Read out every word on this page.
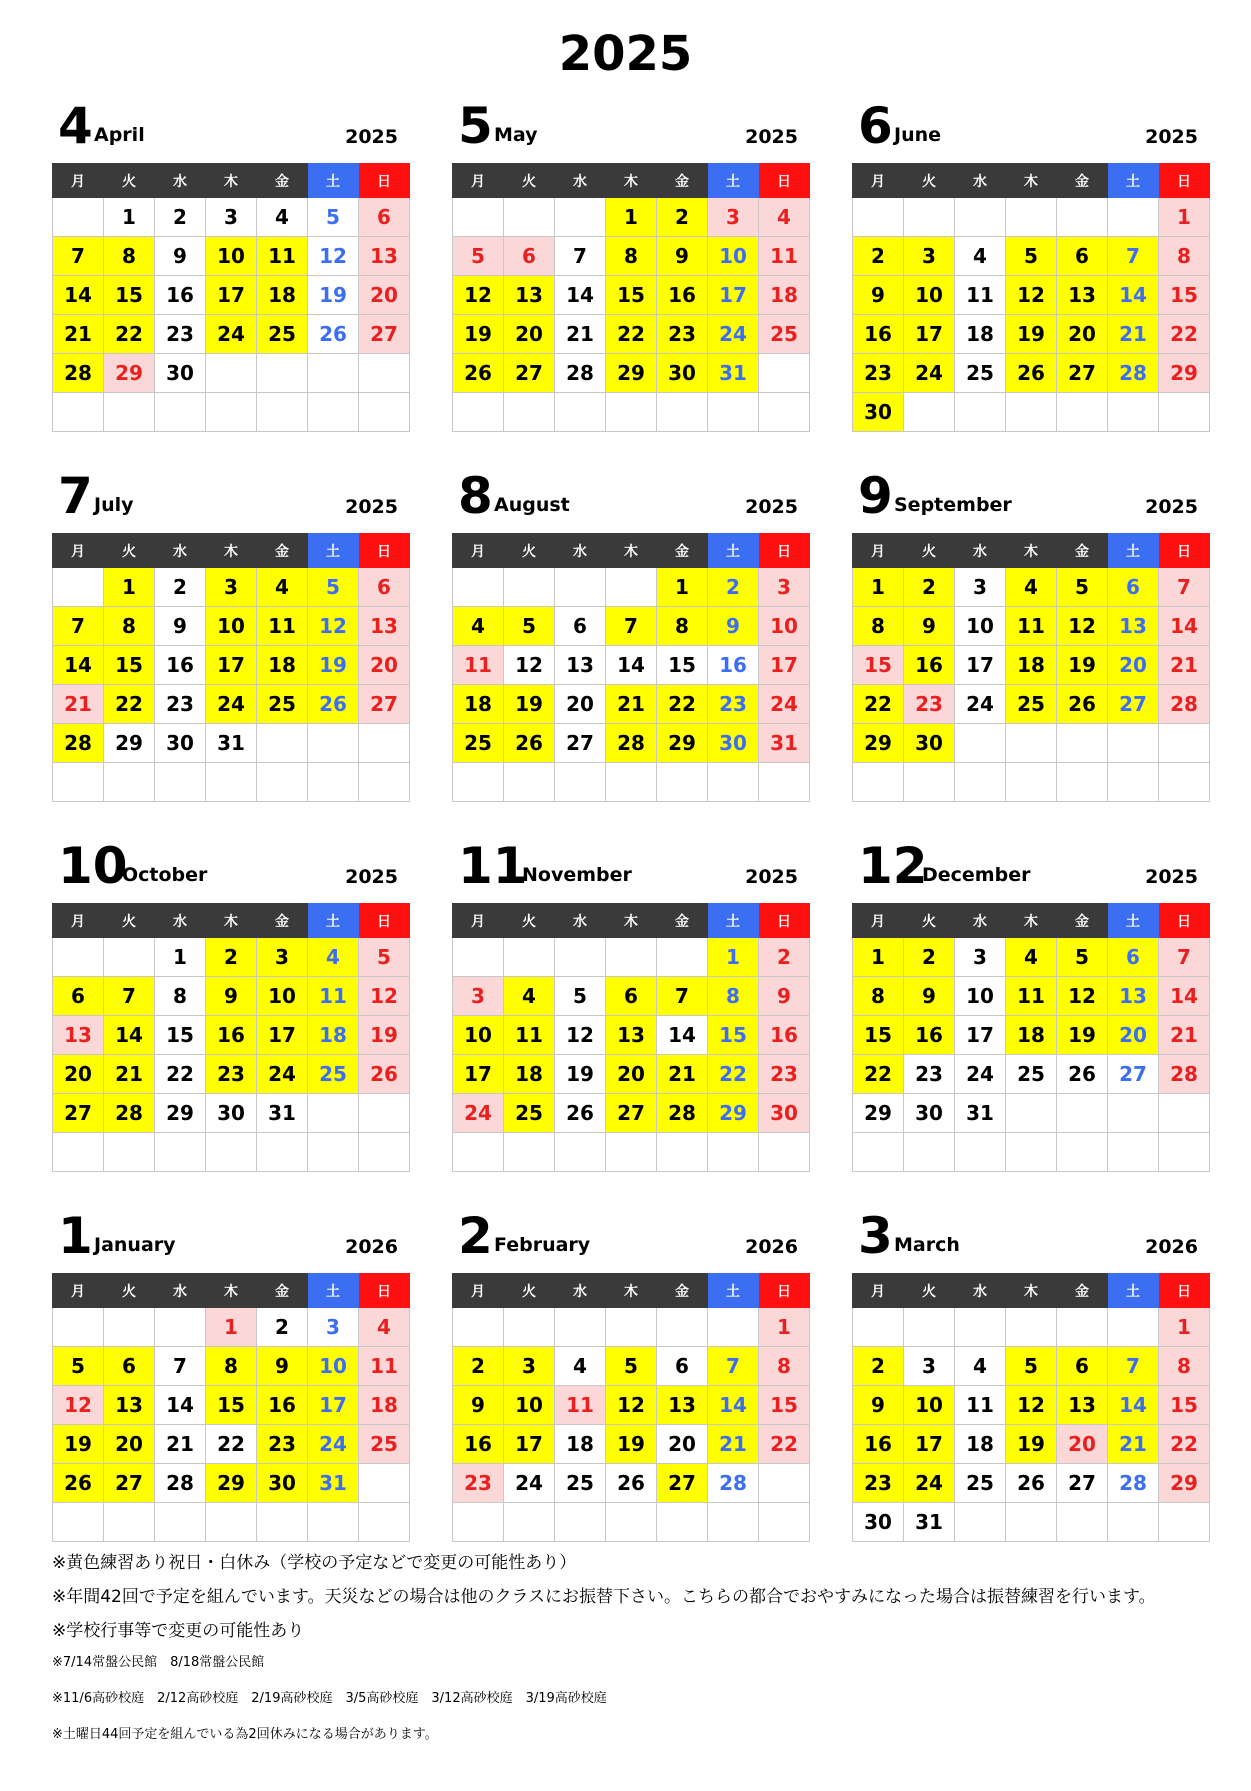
2025
4 April	2025
月	火	水	木	金	土	日
	1	2	3	4	5	6
7	8	9	10	11	12	13
14	15	16	17	18	19	20
21	22	23	24	25	26	27
28	29	30				

5 May	2025
月	火	水	木	金	土	日
			1	2	3	4
5	6	7	8	9	10	11
12	13	14	15	16	17	18
19	20	21	22	23	24	25
26	27	28	29	30	31	

6 June	2025
月	火	水	木	金	土	日
						1
2	3	4	5	6	7	8
9	10	11	12	13	14	15
16	17	18	19	20	21	22
23	24	25	26	27	28	29
30						
7 July	2025
月	火	水	木	金	土	日
	1	2	3	4	5	6
7	8	9	10	11	12	13
14	15	16	17	18	19	20
21	22	23	24	25	26	27
28	29	30	31			

8 August	2025
月	火	水	木	金	土	日
				1	2	3
4	5	6	7	8	9	10
11	12	13	14	15	16	17
18	19	20	21	22	23	24
25	26	27	28	29	30	31

9 September	2025
月	火	水	木	金	土	日
1	2	3	4	5	6	7
8	9	10	11	12	13	14
15	16	17	18	19	20	21
22	23	24	25	26	27	28
29	30					

10
October	2025
月	火	水	木	金	土	日
		1	2	3	4	5
6	7	8	9	10	11	12
13	14	15	16	17	18	19
20	21	22	23	24	25	26
27	28	29	30	31		

11
November	2025
月	火	水	木	金	土	日
					1	2
3	4	5	6	7	8	9
10	11	12	13	14	15	16
17	18	19	20	21	22	23
24	25	26	27	28	29	30

12
December	2025
月	火	水	木	金	土	日
1	2	3	4	5	6	7
8	9	10	11	12	13	14
15	16	17	18	19	20	21
22	23	24	25	26	27	28
29	30	31				

1 January	2026
月	火	水	木	金	土	日
			1	2	3	4
5	6	7	8	9	10	11
12	13	14	15	16	17	18
19	20	21	22	23	24	25
26	27	28	29	30	31	

2 February	2026
月	火	水	木	金	土	日
						1
2	3	4	5	6	7	8
9	10	11	12	13	14	15
16	17	18	19	20	21	22
23	24	25	26	27	28	

3 March	2026
月	火	水	木	金	土	日
						1
2	3	4	5	6	7	8
9	10	11	12	13	14	15
16	17	18	19	20	21	22
23	24	25	26	27	28	29
30	31					
※黄色練習あり祝日・白休み（学校の予定などで変更の可能性あり）
※年間42回で予定を組んでいます。天災などの場合は他のクラスにお振替下さい。こちらの都合でおやすみになった場合は振替練習を行います。
※学校行事等で変更の可能性あり
※7/14常盤公民館　8/18常盤公民館
※11/6高砂校庭　2/12高砂校庭　2/19高砂校庭　3/5高砂校庭　3/12高砂校庭　3/19高砂校庭
※土曜日44回予定を組んでいる為2回休みになる場合があります。
